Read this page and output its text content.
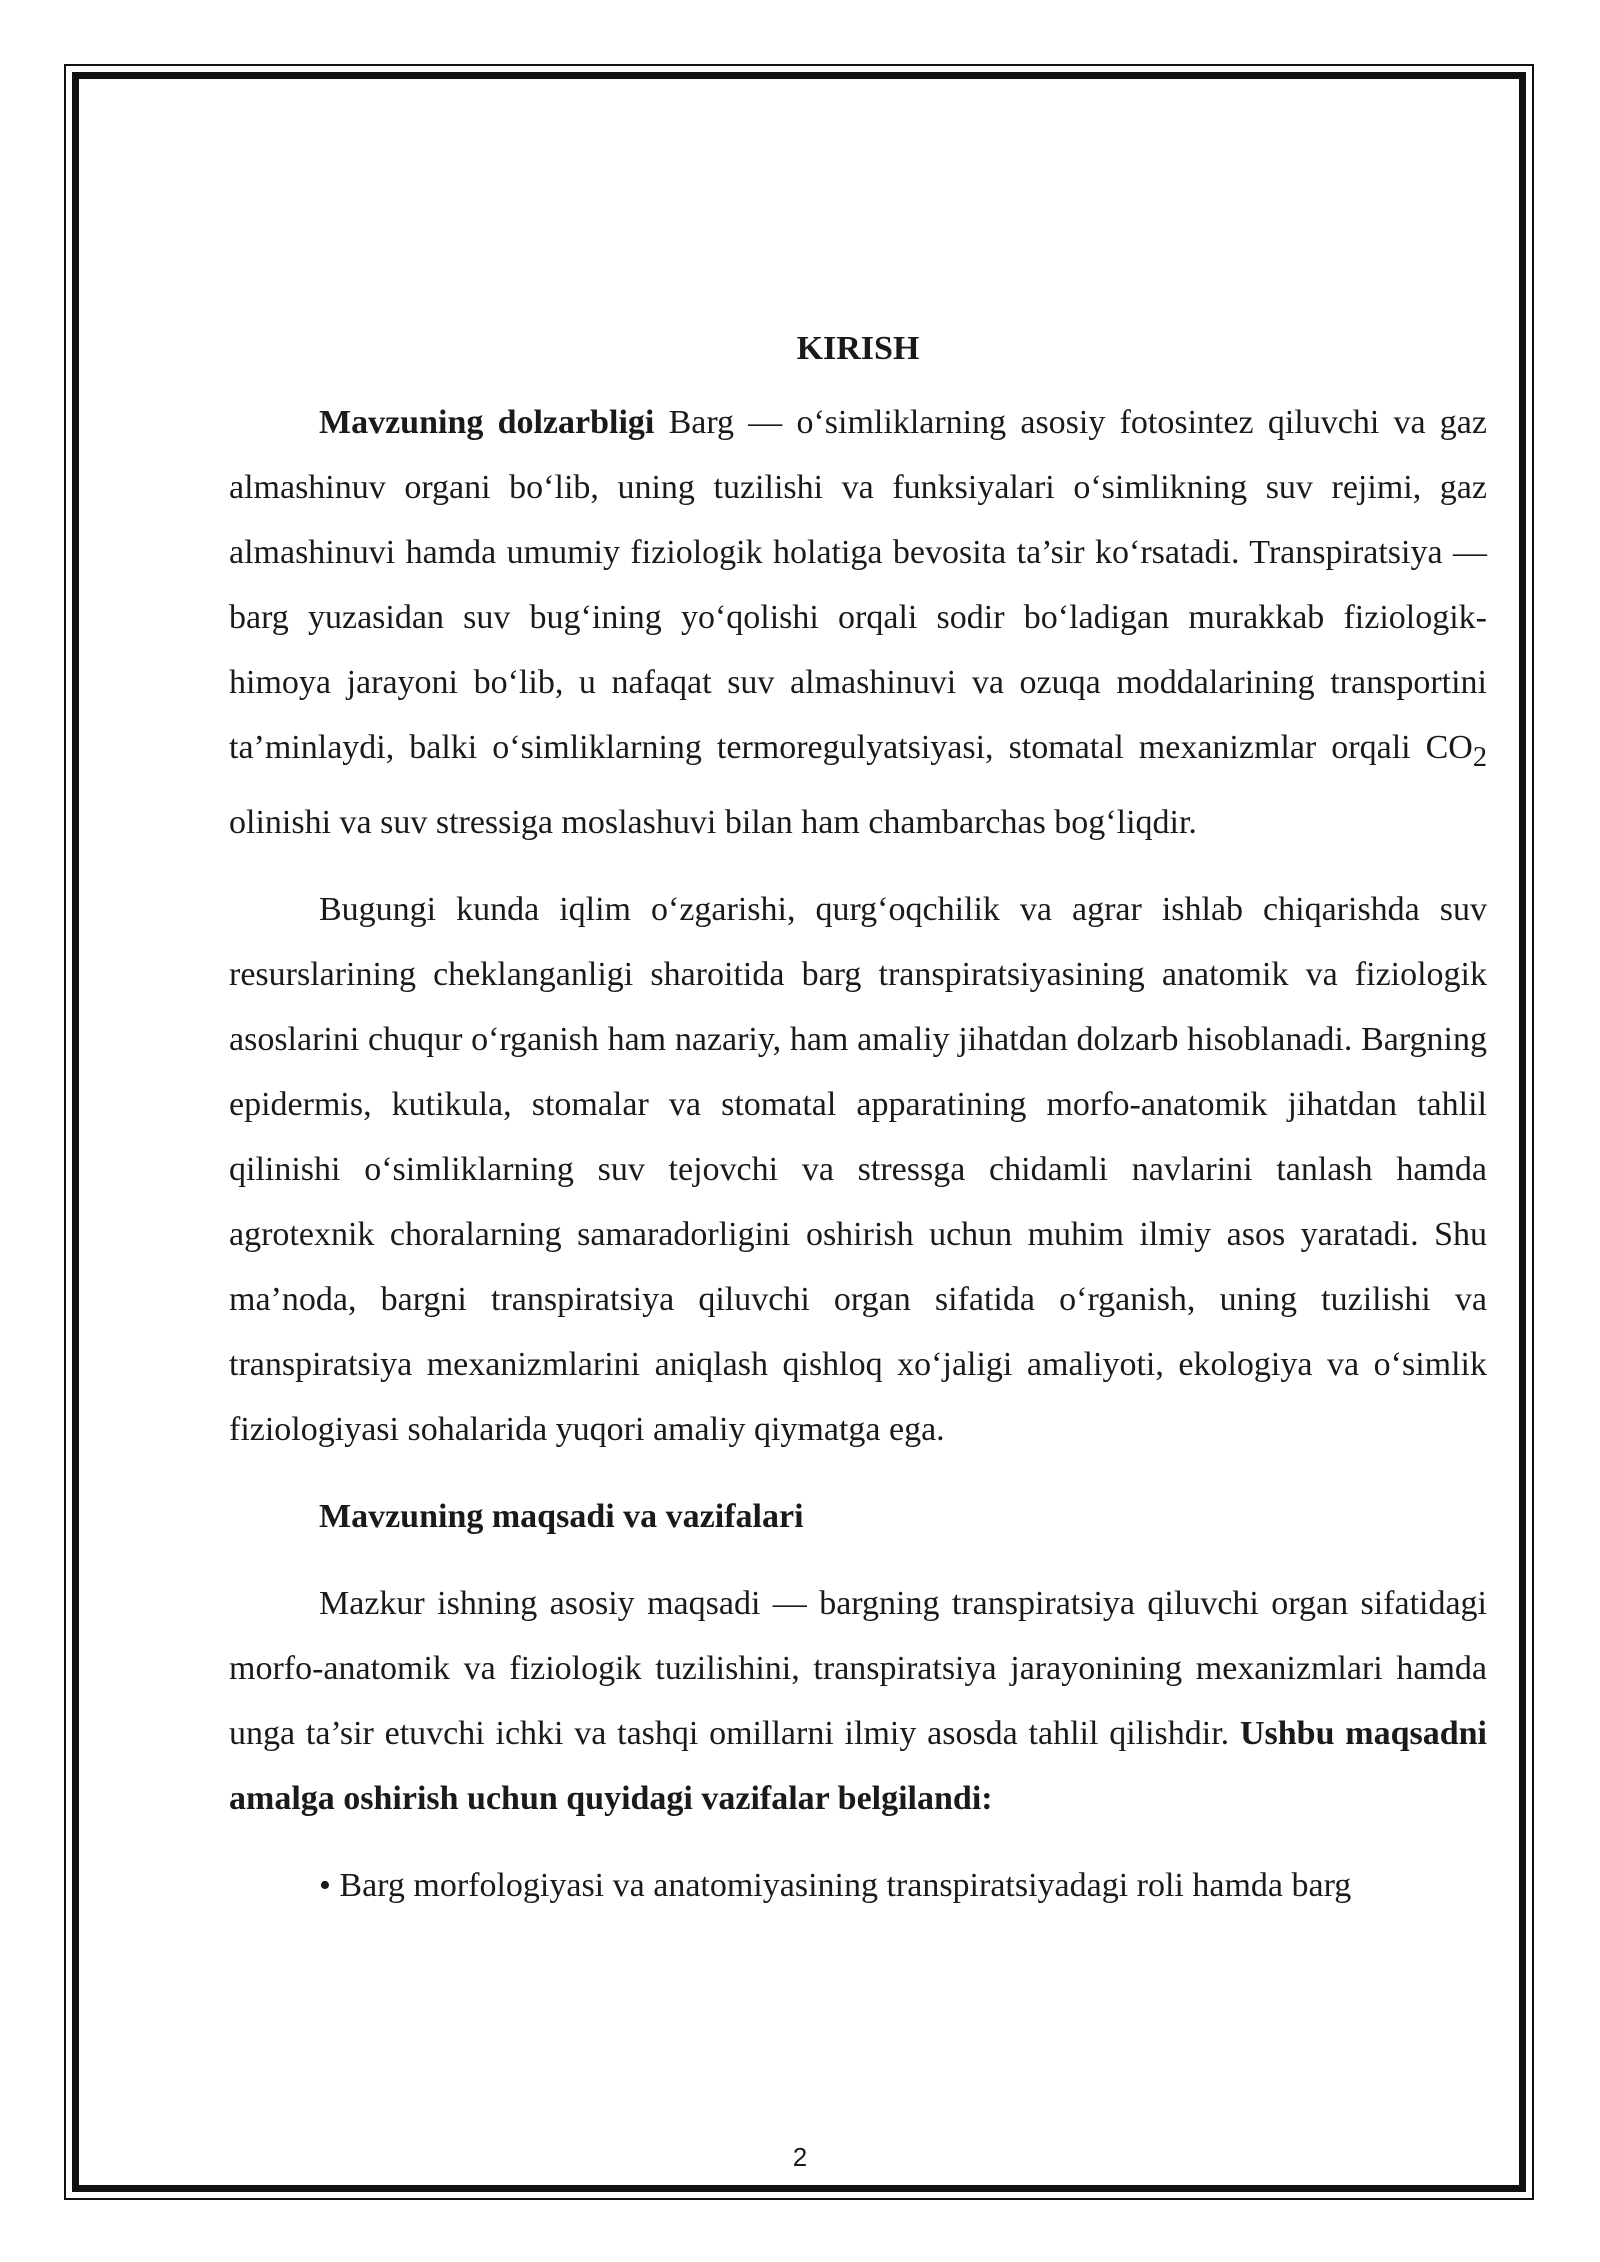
KIRISH

Mavzuning dolzarbligi Barg — o‘simliklarning asosiy fotosintez qiluvchi va gaz almashinuv organi bo‘lib, uning tuzilishi va funksiyalari o‘simlikning suv rejimi, gaz almashinuvi hamda umumiy fiziologik holatiga bevosita ta’sir ko‘rsatadi. Transpiratsiya — barg yuzasidan suv bug‘ining yo‘qolishi orqali sodir bo‘ladigan murakkab fiziologik-himoya jarayoni bo‘lib, u nafaqat suv almashinuvi va ozuqa moddalarining transportini ta’minlaydi, balki o‘simliklarning termoregulyatsiyasi, stomatal mexanizmlar orqali $CO_2$ olinishi va suv stressiga moslashuvi bilan ham chambarchas bog‘liqdir.

Bugungi kunda iqlim o‘zgarishi, qurg‘oqchilik va agrar ishlab chiqarishda suv resurslarining cheklanganligi sharoitida barg transpiratsiyasining anatomik va fiziologik asoslarini chuqur o‘rganish ham nazariy, ham amaliy jihatdan dolzarb hisoblanadi. Bargning epidermis, kutikula, stomalar va stomatal apparatining morfo-anatomik jihatdan tahlil qilinishi o‘simliklarning suv tejovchi va stressga chidamli navlarini tanlash hamda agrotexnik choralarning samaradorligini oshirish uchun muhim ilmiy asos yaratadi. Shu ma’noda, bargni transpiratsiya qiluvchi organ sifatida o‘rganish, uning tuzilishi va transpiratsiya mexanizmlarini aniqlash qishloq xo‘jaligi amaliyoti, ekologiya va o‘simlik fiziologiyasi sohalarida yuqori amaliy qiymatga ega.

Mavzuning maqsadi va vazifalari

Mazkur ishning asosiy maqsadi — bargning transpiratsiya qiluvchi organ sifatidagi morfo-anatomik va fiziologik tuzilishini, transpiratsiya jarayonining mexanizmlari hamda unga ta’sir etuvchi ichki va tashqi omillarni ilmiy asosda tahlil qilishdir. Ushbu maqsadni amalga oshirish uchun quyidagi vazifalar belgilandi:

• Barg morfologiyasi va anatomiyasining transpiratsiyadagi roli hamda barg

2
